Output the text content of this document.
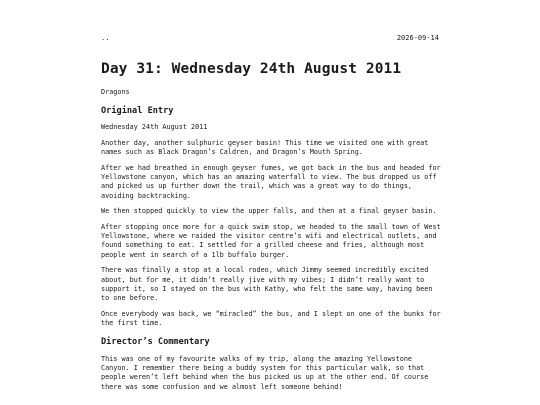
..	2026-09-14
Day 31: Wednesday 24th August 2011

Dragons

Original Entry

Wednesday 24th August 2011

Another day, another sulphuric geyser basin! This time we visited one with great names such as Black Dragon’s Caldren, and Dragon’s Mouth Spring.

After we had breathed in enough geyser fumes, we got back in the bus and headed for Yellowstone canyon, which has an amazing waterfall to view. The bus dropped us off and picked us up further down the trail, which was a great way to do things, avoiding backtracking.

We then stopped quickly to view the upper falls, and then at a final geyser basin.

After stopping once more for a quick swim stop, we headed to the small town of West Yellowstone, where we raided the visitor centre’s wifi and electrical outlets, and found something to eat. I settled for a grilled cheese and fries, although most people went in search of a 1lb buffalo burger.

There was finally a stop at a local rodeo, which Jimmy seemed incredibly excited about, but for me, it didn’t really jive with my vibes; I didn’t really want to support it, so I stayed on the bus with Kathy, who felt the same way, having been to one before.

Once everybody was back, we “miracled” the bus, and I slept on one of the bunks for the first time.

Director’s Commentary

This was one of my favourite walks of my trip, along the amazing Yellowstone Canyon. I remember there being a buddy system for this particular walk, so that people weren’t left behind when the bus picked us up at the other end. Of course there was some confusion and we almost left someone behind!
